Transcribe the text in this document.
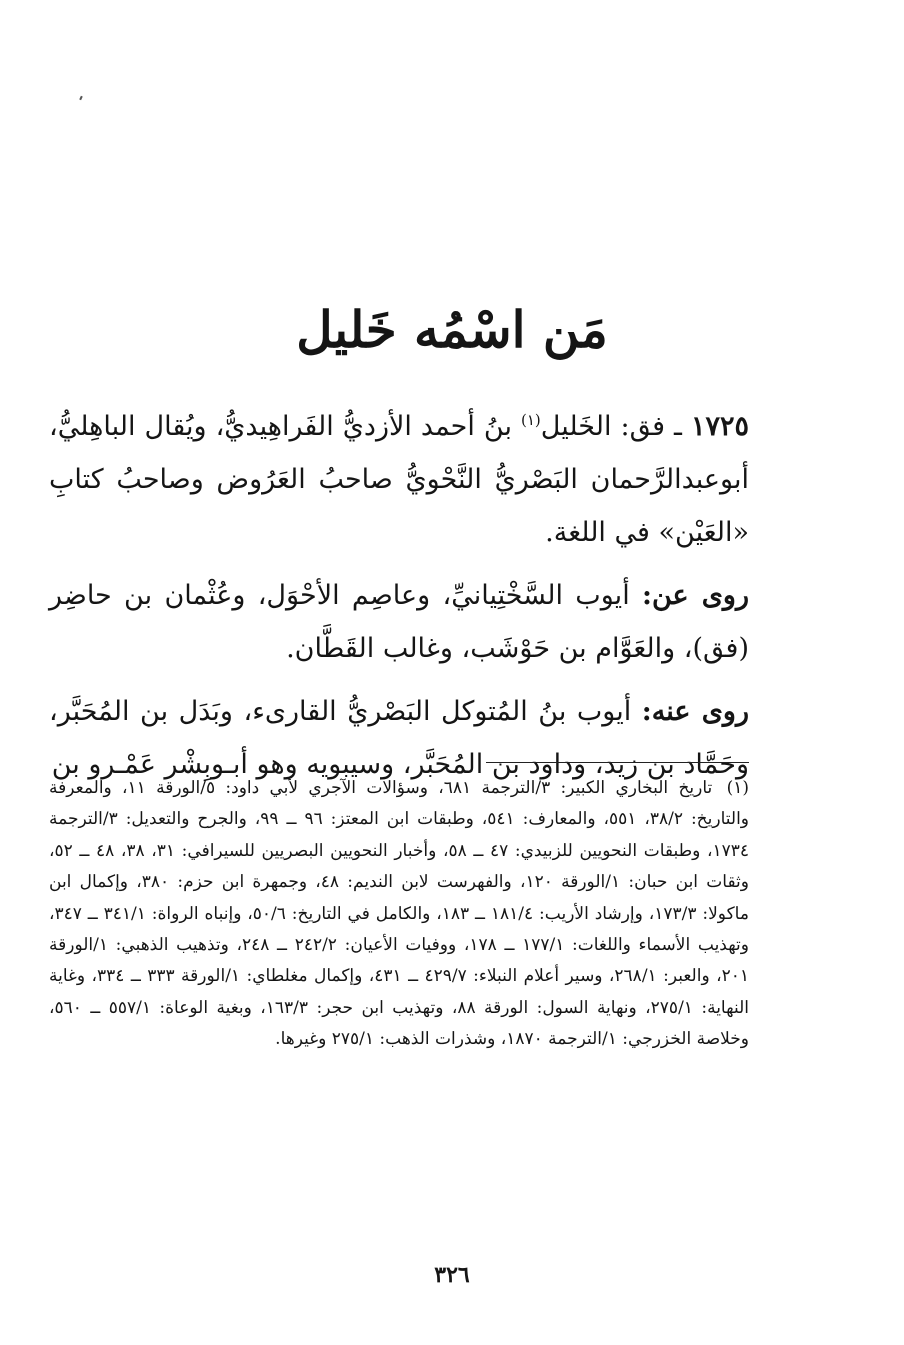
مَن اسْمُه خَليل

١٧٢٥ ـ فق: الخَليل$^{(١)}$ بنُ أحمد الأزديُّ الفَراهِيديُّ، ويُقال الباهِليُّ، أبوعبدالرَّحمان البَصْريُّ النَّحْويُّ صاحبُ العَرُوض وصاحبُ كتابِ «العَيْن» في اللغة.

روى عن: أيوب السَّخْتِيانيِّ، وعاصِم الأحْوَل، وعُثْمان بن حاضِر (فق)، والعَوَّام بن حَوْشَب، وغالب القَطَّان.

روى عنه: أيوب بنُ المُتوكل البَصْريُّ القارىء، وبَدَل بن المُحَبَّر، وحَمَّاد بن زيد، وداود بن المُحَبَّر، وسيبويه وهو أبـوبِشْر عَمْـرو بن

(١) تاريخ البخاري الكبير: ٣/الترجمة ٦٨١، وسؤالات الآجري لأبي داود: ٥/الورقة ١١، والمعرفة والتاريخ: ٣٨/٢، ٥٥١، والمعارف: ٥٤١، وطبقات ابن المعتز: ٩٦ ــ ٩٩، والجرح والتعديل: ٣/الترجمة ١٧٣٤، وطبقات النحويين للزبيدي: ٤٧ ــ ٥٨، وأخبار النحويين البصريين للسيرافي: ٣١، ٣٨، ٤٨ ــ ٥٢، وثقات ابن حبان: ١/الورقة ١٢٠، والفهرست لابن النديم: ٤٨، وجمهرة ابن حزم: ٣٨٠، وإكمال ابن ماكولا: ١٧٣/٣، وإرشاد الأريب: ١٨١/٤ ــ ١٨٣، والكامل في التاريخ: ٥٠/٦، وإنباه الرواة: ٣٤١/١ ــ ٣٤٧، وتهذيب الأسماء واللغات: ١٧٧/١ ــ ١٧٨، ووفيات الأعيان: ٢٤٢/٢ ــ ٢٤٨، وتذهيب الذهبي: ١/الورقة ٢٠١، والعبر: ٢٦٨/١، وسير أعلام النبلاء: ٤٢٩/٧ ــ ٤٣١، وإكمال مغلطاي: ١/الورقة ٣٣٣ ــ ٣٣٤، وغاية النهاية: ٢٧٥/١، ونهاية السول: الورقة ٨٨، وتهذيب ابن حجر: ١٦٣/٣، وبغية الوعاة: ٥٥٧/١ ــ ٥٦٠، وخلاصة الخزرجي: ١/الترجمة ١٨٧٠، وشذرات الذهب: ٢٧٥/١ وغيرها.
٣٢٦
